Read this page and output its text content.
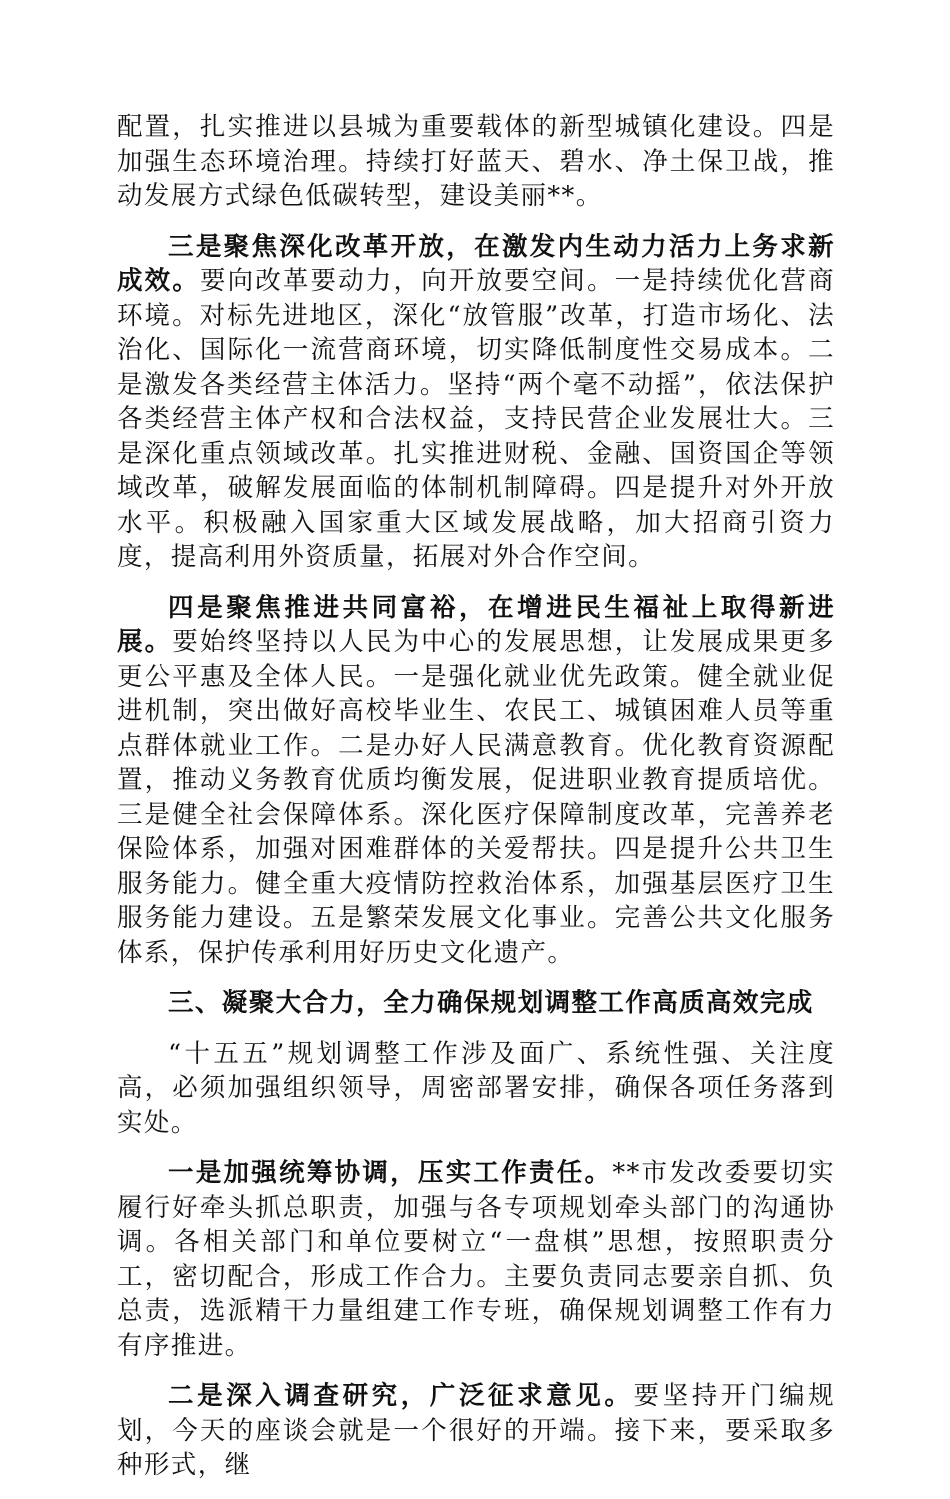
配置，扎实推进以县城为重要载体的新型城镇化建设。四是加强生态环境治理。持续打好蓝天、碧水、净土保卫战，推动发展方式绿色低碳转型，建设美丽**。

三是聚焦深化改革开放，在激发内生动力活力上务求新成效。要向改革要动力，向开放要空间。一是持续优化营商环境。对标先进地区，深化“放管服”改革，打造市场化、法治化、国际化一流营商环境，切实降低制度性交易成本。二是激发各类经营主体活力。坚持“两个毫不动摇”，依法保护各类经营主体产权和合法权益，支持民营企业发展壮大。三是深化重点领域改革。扎实推进财税、金融、国资国企等领域改革，破解发展面临的体制机制障碍。四是提升对外开放水平。积极融入国家重大区域发展战略，加大招商引资力度，提高利用外资质量，拓展对外合作空间。

四是聚焦推进共同富裕，在增进民生福祉上取得新进展。要始终坚持以人民为中心的发展思想，让发展成果更多更公平惠及全体人民。一是强化就业优先政策。健全就业促进机制，突出做好高校毕业生、农民工、城镇困难人员等重点群体就业工作。二是办好人民满意教育。优化教育资源配置，推动义务教育优质均衡发展，促进职业教育提质培优。三是健全社会保障体系。深化医疗保障制度改革，完善养老保险体系，加强对困难群体的关爱帮扶。四是提升公共卫生服务能力。健全重大疫情防控救治体系，加强基层医疗卫生服务能力建设。五是繁荣发展文化事业。完善公共文化服务体系，保护传承利用好历史文化遗产。

三、凝聚大合力，全力确保规划调整工作高质高效完成

“十五五”规划调整工作涉及面广、系统性强、关注度高，必须加强组织领导，周密部署安排，确保各项任务落到实处。

一是加强统筹协调，压实工作责任。**市发改委要切实履行好牵头抓总职责，加强与各专项规划牵头部门的沟通协调。各相关部门和单位要树立“一盘棋”思想，按照职责分工，密切配合，形成工作合力。主要负责同志要亲自抓、负总责，选派精干力量组建工作专班，确保规划调整工作有力有序推进。

二是深入调查研究，广泛征求意见。要坚持开门编规划，今天的座谈会就是一个很好的开端。接下来，要采取多种形式，继
